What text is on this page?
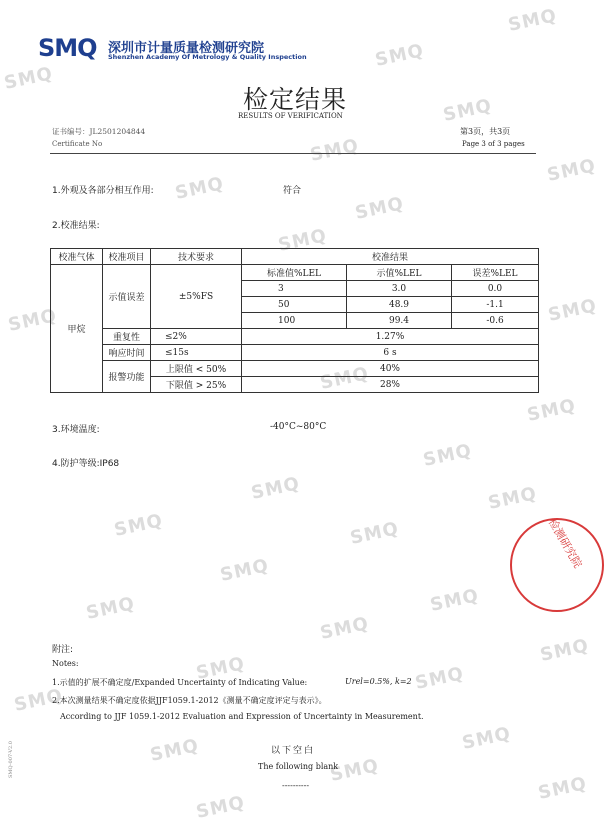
SMQ
SMQ
SMQ
SMQ
SMQ
SMQ
SMQ
SMQ
SMQ
SMQ	SMQ
SMQ
SMQ
SMQ
SMQ	SMQ
SMQ	SMQ
SMQ
SMQ
SMQ
SMQ
SMQ
SMQ	SMQ
SMQ
SMQ
SMQ
SMQ
SMQ
SMQ
SMQ 深圳市计量质量检测研究院
Shenzhen Academy Of Metrology & Quality Inspection
检定结果
RESULTS OF VERIFICATION
证书编号：JL2501204844
Certificate No
第3页，共3页
Page 3 of 3 pages
1.外观及各部分相互作用:	符合
2.校准结果:
校准气体	校准项目	技术要求	校准结果		
甲烷	示值误差	±5%FS	标准值%LEL	示值%LEL	误差%LEL
			3	3.0	0.0
			50	48.9	-1.1
			100	99.4	-0.6
	重复性	≤2%	1.27%		
	响应时间	≤15s	6 s		
	报警功能	上限值 < 50%	40%		
		下限值 > 25%	28%		
3.环境温度:	-40°C~80°C
4.防护等级:IP68
检测研究院
附注:
Notes:
1.示值的扩展不确定度/Expanded Uncertainty of Indicating Value:	Urel=0.5%, k=2
2.本次测量结果不确定度依据JJF1059.1-2012《测量不确定度评定与表示》。
According to JJF 1059.1-2012 Evaluation and Expression of Uncertainty in Measurement.
以下空白
The following blank
----------
SMQ-007-V2.0
